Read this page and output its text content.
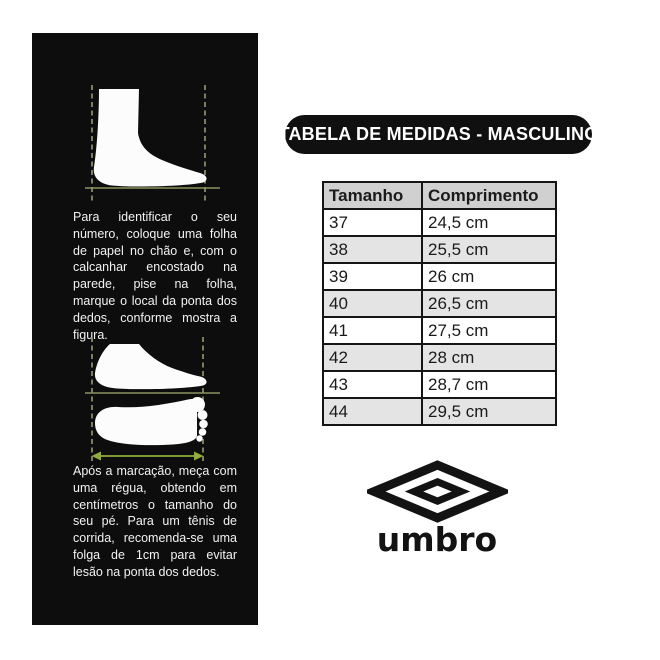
Para identificar o seu número, coloque uma folha de papel no chão e, com o calcanhar encostado na parede, pise na folha, marque o local da ponta dos dedos, conforme mostra a figura.

Após a marcação, meça com uma régua, obtendo em centímetros o tamanho do seu pé. Para um tênis de corrida, recomenda-se uma folga de 1cm para evitar lesão na ponta dos dedos.

TABELA DE MEDIDAS - MASCULINO
Tamanho	Comprimento
37	24,5 cm
38	25,5 cm
39	26 cm
40	26,5 cm
41	27,5 cm
42	28 cm
43	28,7 cm
44	29,5 cm
umbro
